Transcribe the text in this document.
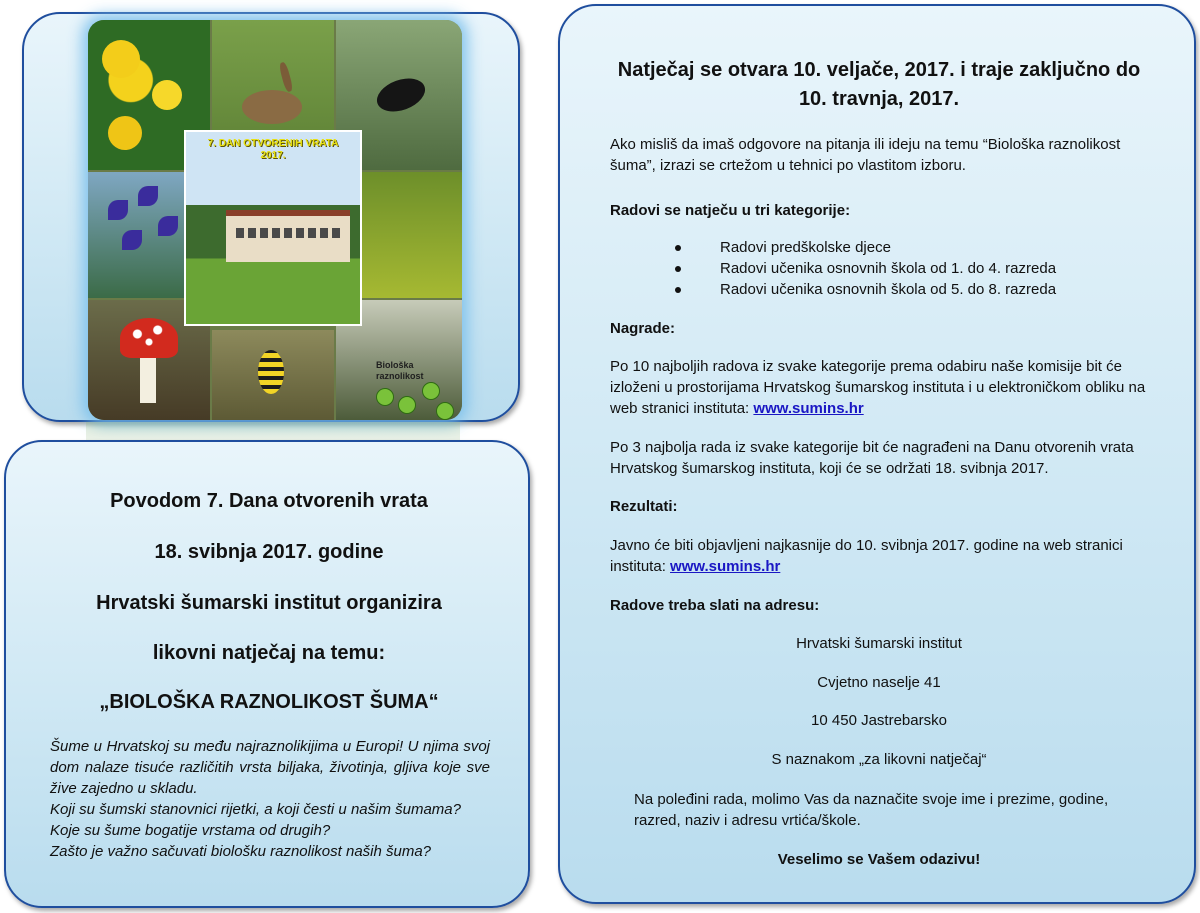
Biološka
raznolikost
7. DAN OTVORENIH VRATA
2017.
Povodom 7. Dana otvorenih vrata
18. svibnja 2017. godine
Hrvatski šumarski institut organizira
likovni natječaj na temu:
„BIOLOŠKA RAZNOLIKOST ŠUMA“

Šume u Hrvatskoj su među najraznolikijima u Europi! U njima svoj dom nalaze tisuće različitih vrsta biljaka, životinja, gljiva koje sve žive zajedno u skladu.

Koji su šumski stanovnici rijetki, a koji česti u našim šumama?

Koje su šume bogatije vrstama od drugih?

Zašto je važno sačuvati biološku raznolikost naših šuma?

Natječaj se otvara 10. veljače, 2017. i traje zaključno do 10. travnja, 2017.
Ako misliš da imaš odgovore na pitanja ili ideju na temu “Biološka raznolikost šuma”, izrazi se crtežom u tehnici po vlastitom izboru.
Radovi se natječu u tri kategorije:
Radovi predškolske djece
Radovi učenika osnovnih škola od 1. do 4. razreda
Radovi učenika osnovnih škola od 5. do 8. razreda
Nagrade:
Po 10 najboljih radova iz svake kategorije prema odabiru naše komisije bit će izloženi u prostorijama Hrvatskog šumarskog instituta i u elektroničkom obliku na web stranici instituta: www.sumins.hr
Po 3 najbolja rada iz svake kategorije bit će nagrađeni na Danu otvorenih vrata Hrvatskog šumarskog instituta, koji će se održati 18. svibnja 2017.
Rezultati:
Javno će biti objavljeni najkasnije do 10. svibnja 2017. godine na web stranici instituta: www.sumins.hr
Radove treba slati na adresu:
Hrvatski šumarski institut
Cvjetno naselje 41
10 450 Jastrebarsko
S naznakom „za likovni natječaj“
Na poleđini rada, molimo Vas da naznačite svoje ime i prezime, godine, razred, naziv i adresu vrtića/škole.
Veselimo se Vašem odazivu!
